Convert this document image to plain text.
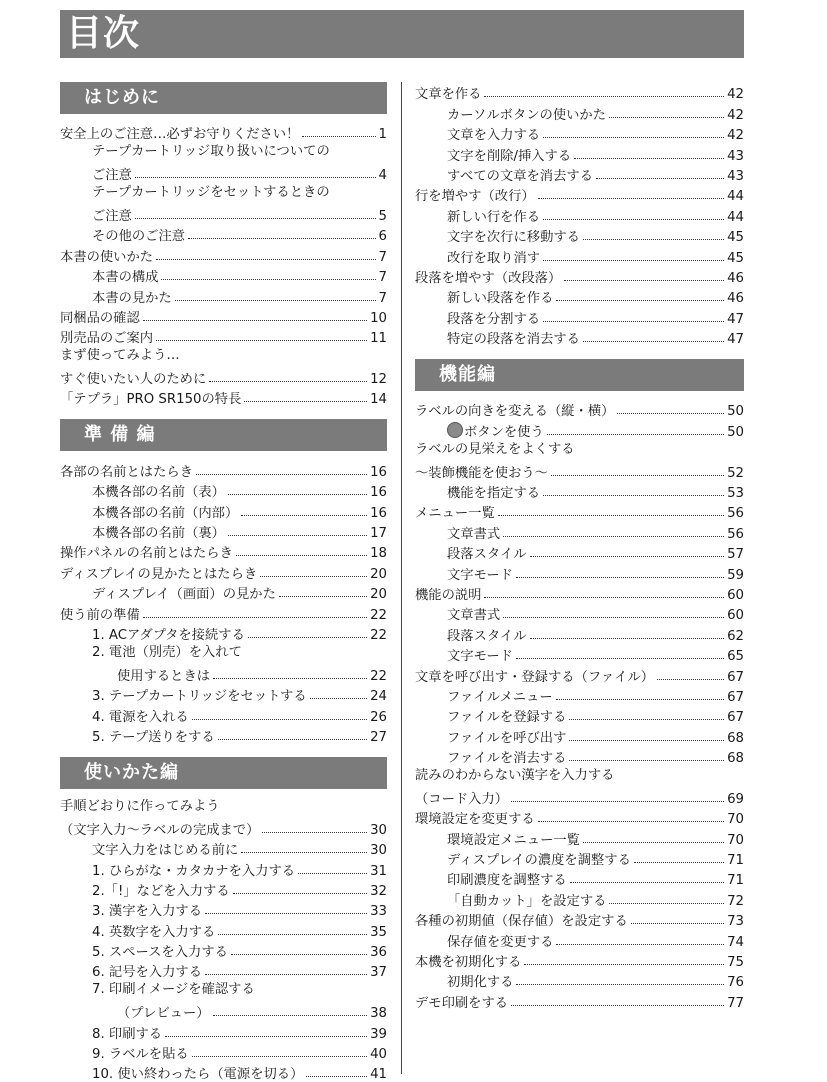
目次
はじめに
安全上のご注意…必ずお守りください！	1
テープカートリッジ取り扱いについての
ご注意	4
テープカートリッジをセットするときの
ご注意	5
その他のご注意	6
本書の使いかた	7
本書の構成	7
本書の見かた	7
同梱品の確認	10
別売品のご案内	11
まず使ってみよう…
すぐ使いたい人のために	12
「テプラ」PRO SR150の特長	14
準 備 編
各部の名前とはたらき	16
本機各部の名前（表）	16
本機各部の名前（内部）	16
本機各部の名前（裏）	17
操作パネルの名前とはたらき	18
ディスプレイの見かたとはたらき	20
ディスプレイ（画面）の見かた	20
使う前の準備	22
1. ACアダプタを接続する	22
2. 電池（別売）を入れて
使用するときは	22
3. テープカートリッジをセットする	24
4. 電源を入れる	26
5. テープ送りをする	27
使いかた編
手順どおりに作ってみよう
（文字入力～ラベルの完成まで）	30
文字入力をはじめる前に	30
1. ひらがな・カタカナを入力する	31
2.「!」などを入力する	32
3. 漢字を入力する	33
4. 英数字を入力する	35
5. スペースを入力する	36
6. 記号を入力する	37
7. 印刷イメージを確認する
（プレビュー）	38
8. 印刷する	39
9. ラベルを貼る	40
10. 使い終わったら（電源を切る）	41
文章を作る	42
カーソルボタンの使いかた	42
文章を入力する	42
文字を削除/挿入する	43
すべての文章を消去する	43
行を増やす（改行）	44
新しい行を作る	44
文字を次行に移動する	45
改行を取り消す	45
段落を増やす（改段落）	46
新しい段落を作る	46
段落を分割する	47
特定の段落を消去する	47
機能編
ラベルの向きを変える（縦・横）	50
ボタンを使う	50
ラベルの見栄えをよくする
～装飾機能を使おう～	52
機能を指定する	53
メニュー一覧	56
文章書式	56
段落スタイル	57
文字モード	59
機能の説明	60
文章書式	60
段落スタイル	62
文字モード	65
文章を呼び出す・登録する（ファイル）	67
ファイルメニュー	67
ファイルを登録する	67
ファイルを呼び出す	68
ファイルを消去する	68
読みのわからない漢字を入力する
（コード入力）	69
環境設定を変更する	70
環境設定メニュー一覧	70
ディスプレイの濃度を調整する	71
印刷濃度を調整する	71
「自動カット」を設定する	72
各種の初期値（保存値）を設定する	73
保存値を変更する	74
本機を初期化する	75
初期化する	76
デモ印刷をする	77
